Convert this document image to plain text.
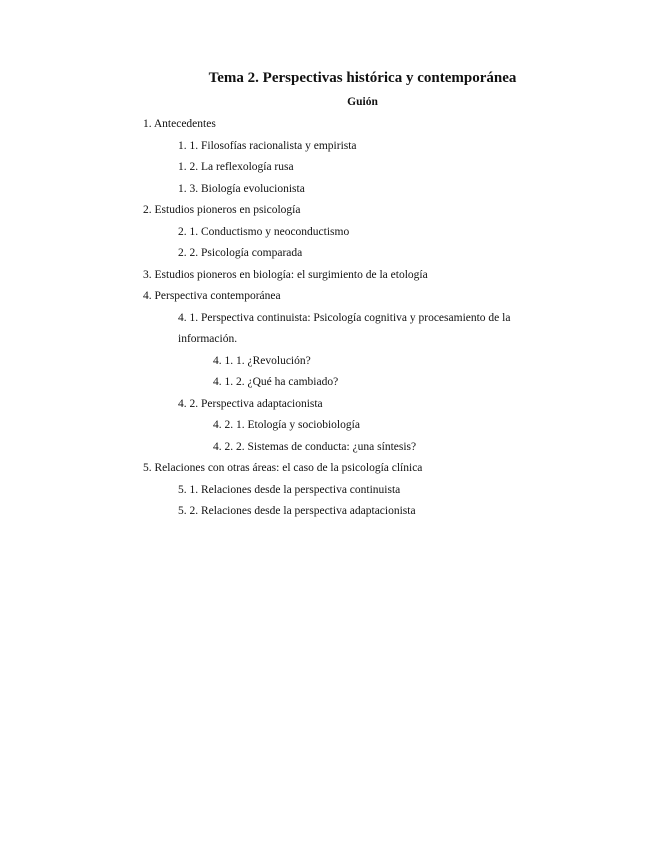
Tema 2. Perspectivas histórica y contemporánea
Guión
1. Antecedentes
1. 1. Filosofías racionalista y empirista
1. 2. La reflexología rusa
1. 3. Biología evolucionista
2. Estudios pioneros en psicología
2. 1. Conductismo y neoconductismo
2. 2. Psicología comparada
3. Estudios pioneros en biología: el surgimiento de la etología
4. Perspectiva contemporánea
4. 1. Perspectiva continuista: Psicología cognitiva y procesamiento de la
información.
4. 1. 1. ¿Revolución?
4. 1. 2. ¿Qué ha cambiado?
4. 2. Perspectiva adaptacionista
4. 2. 1. Etología y sociobiología
4. 2. 2. Sistemas de conducta: ¿una síntesis?
5. Relaciones con otras áreas: el caso de la psicología clínica
5. 1. Relaciones desde la perspectiva continuista
5. 2. Relaciones desde la perspectiva adaptacionista
